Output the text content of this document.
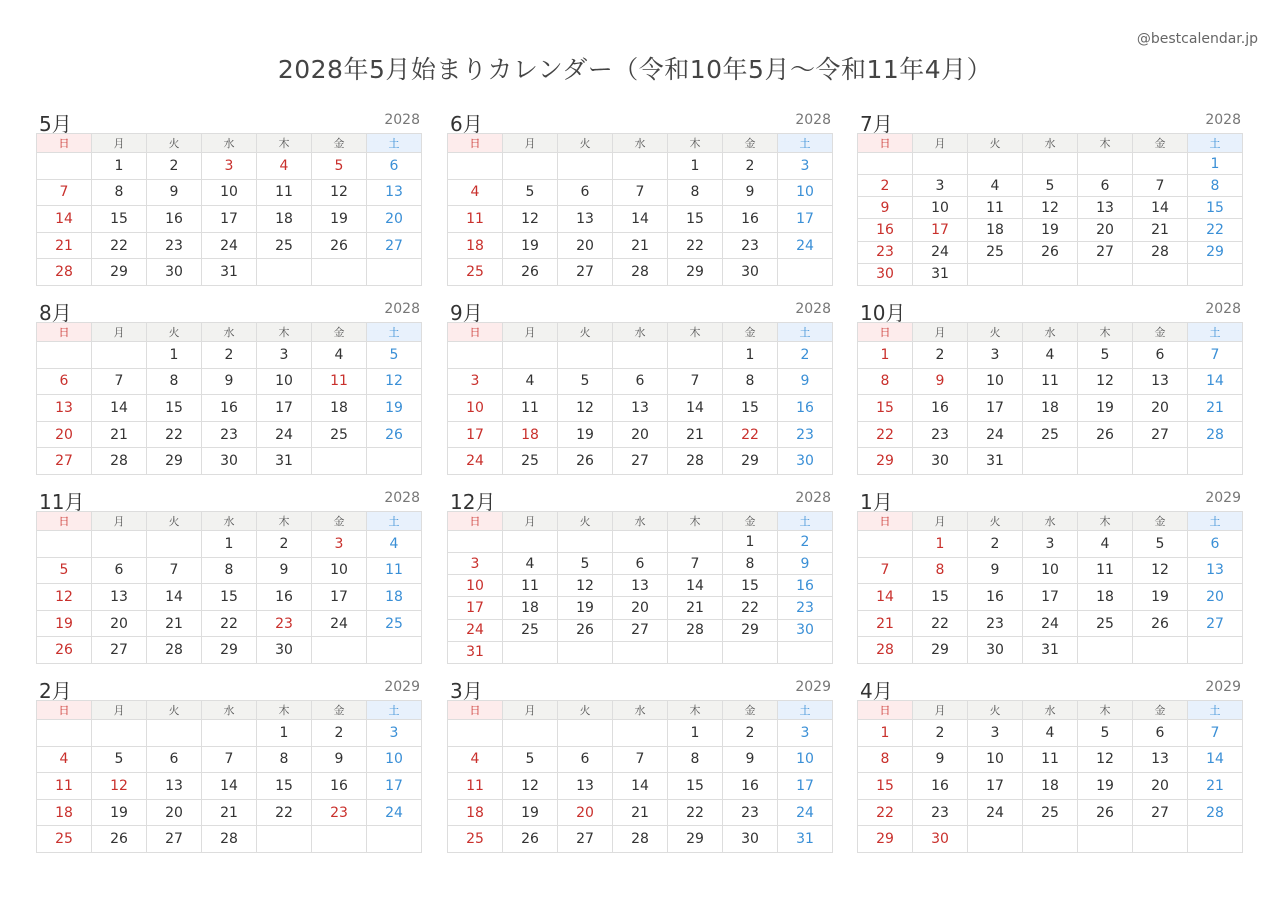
@bestcalendar.jp
2028年5月始まりカレンダー（令和10年5月～令和11年4月）
5月	2028
日	月	火	水	木	金	土
	1	2	3	4	5	6
7	8	9	10	11	12	13
14	15	16	17	18	19	20
21	22	23	24	25	26	27
28	29	30	31			
6月	2028
日	月	火	水	木	金	土
				1	2	3
4	5	6	7	8	9	10
11	12	13	14	15	16	17
18	19	20	21	22	23	24
25	26	27	28	29	30	
7月	2028
日	月	火	水	木	金	土
						1
2	3	4	5	6	7	8
9	10	11	12	13	14	15
16	17	18	19	20	21	22
23	24	25	26	27	28	29
30	31					
8月	2028
日	月	火	水	木	金	土
		1	2	3	4	5
6	7	8	9	10	11	12
13	14	15	16	17	18	19
20	21	22	23	24	25	26
27	28	29	30	31		
9月	2028
日	月	火	水	木	金	土
					1	2
3	4	5	6	7	8	9
10	11	12	13	14	15	16
17	18	19	20	21	22	23
24	25	26	27	28	29	30
10月	2028
日	月	火	水	木	金	土
1	2	3	4	5	6	7
8	9	10	11	12	13	14
15	16	17	18	19	20	21
22	23	24	25	26	27	28
29	30	31				
11月	2028
日	月	火	水	木	金	土
			1	2	3	4
5	6	7	8	9	10	11
12	13	14	15	16	17	18
19	20	21	22	23	24	25
26	27	28	29	30		
12月	2028
日	月	火	水	木	金	土
					1	2
3	4	5	6	7	8	9
10	11	12	13	14	15	16
17	18	19	20	21	22	23
24	25	26	27	28	29	30
31						
1月	2029
日	月	火	水	木	金	土
	1	2	3	4	5	6
7	8	9	10	11	12	13
14	15	16	17	18	19	20
21	22	23	24	25	26	27
28	29	30	31			
2月	2029
日	月	火	水	木	金	土
				1	2	3
4	5	6	7	8	9	10
11	12	13	14	15	16	17
18	19	20	21	22	23	24
25	26	27	28			
3月	2029
日	月	火	水	木	金	土
				1	2	3
4	5	6	7	8	9	10
11	12	13	14	15	16	17
18	19	20	21	22	23	24
25	26	27	28	29	30	31
4月	2029
日	月	火	水	木	金	土
1	2	3	4	5	6	7
8	9	10	11	12	13	14
15	16	17	18	19	20	21
22	23	24	25	26	27	28
29	30					
